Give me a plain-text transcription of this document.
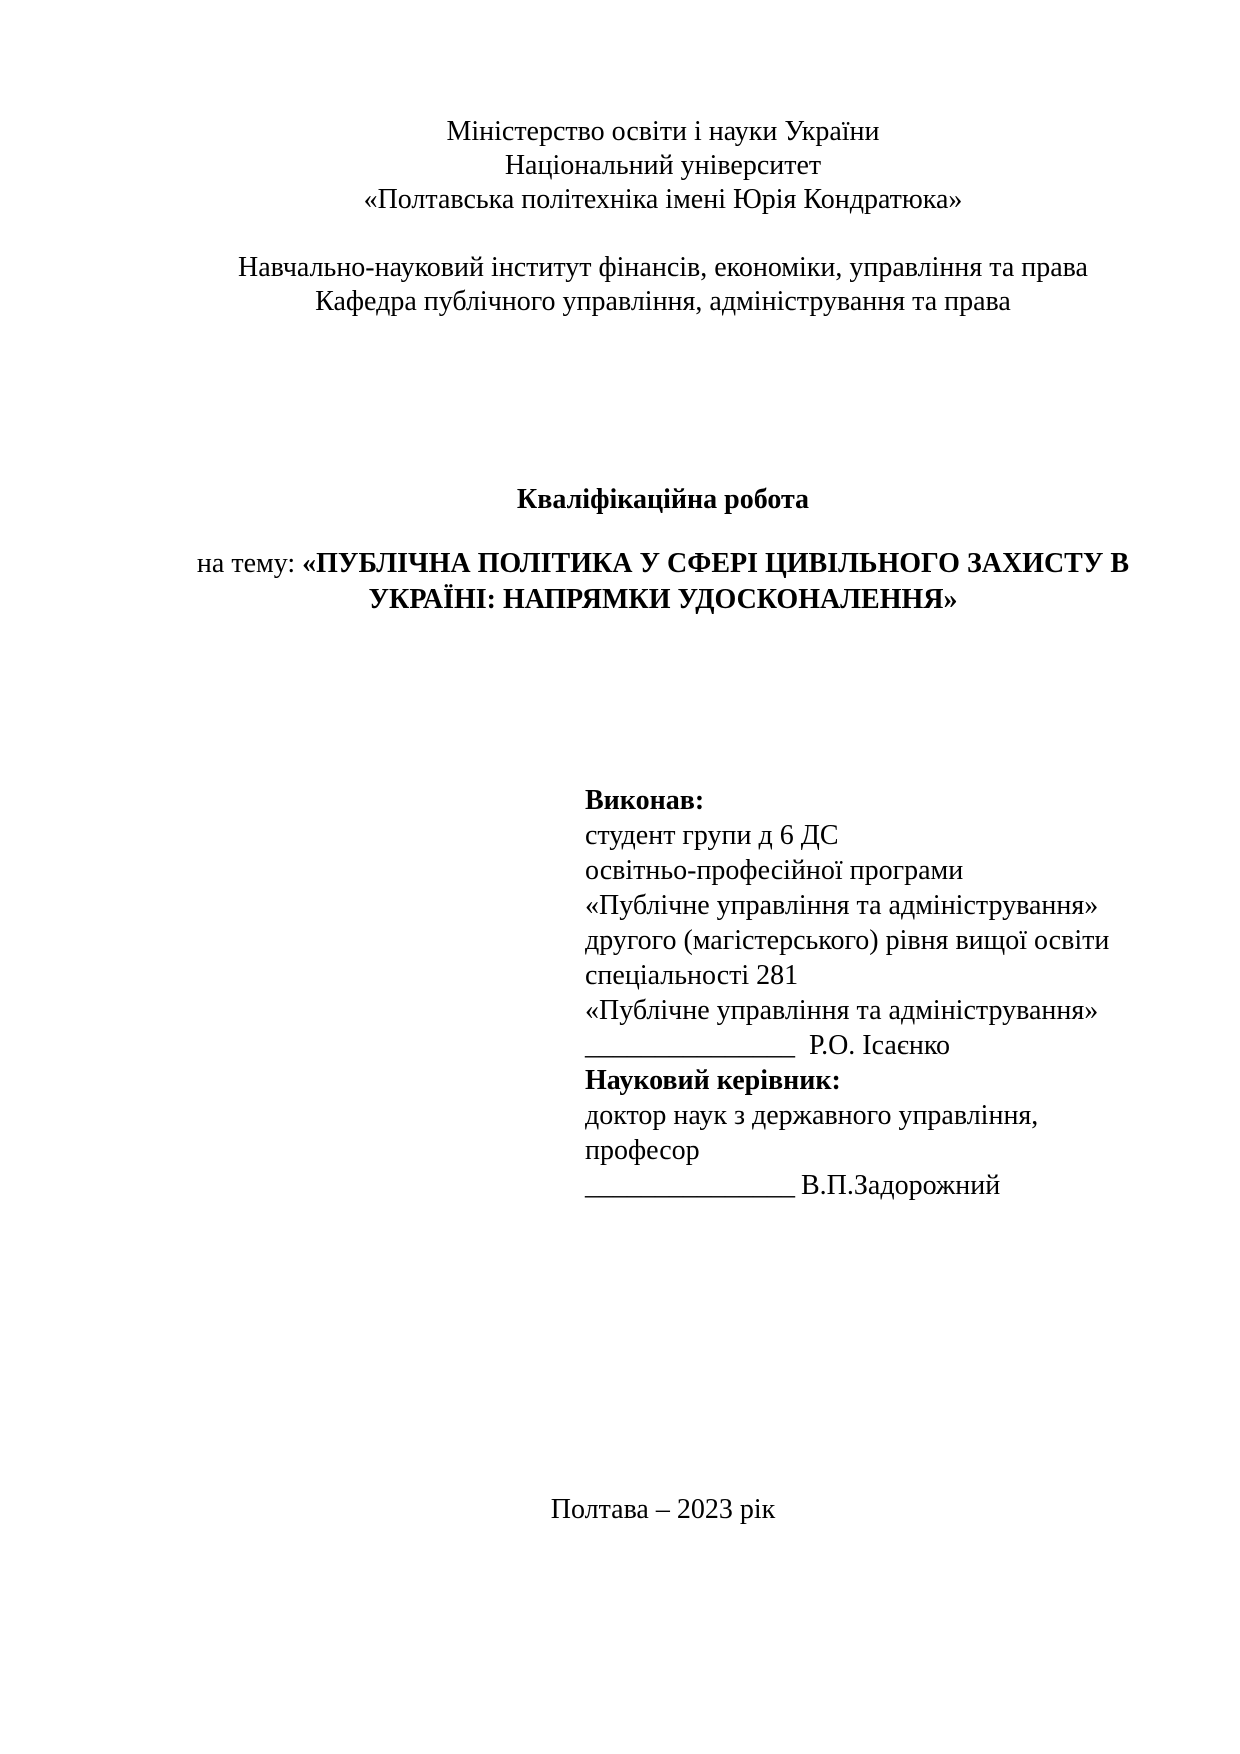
Міністерство освіти і науки України
Національний університет
«Полтавська політехніка імені Юрія Кондратюка»
Навчально-науковий інститут фінансів, економіки, управління та права
Кафедра публічного управління, адміністрування та права
Кваліфікаційна робота
на тему: «ПУБЛІЧНА ПОЛІТИКА У СФЕРІ ЦИВІЛЬНОГО ЗАХИСТУ В
УКРАЇНІ: НАПРЯМКИ УДОСКОНАЛЕННЯ»
Виконав:
студент групи д 6 ДС
освітньо-професійної програми
«Публічне управління та адміністрування»
другого (магістерського) рівня вищої освіти
спеціальності 281
«Публічне управління та адміністрування»
_______________ Р.О. Ісаєнко
Науковий керівник:
доктор наук з державного управління,
професор
_______________ В.П.Задорожний
Полтава – 2023 рік
